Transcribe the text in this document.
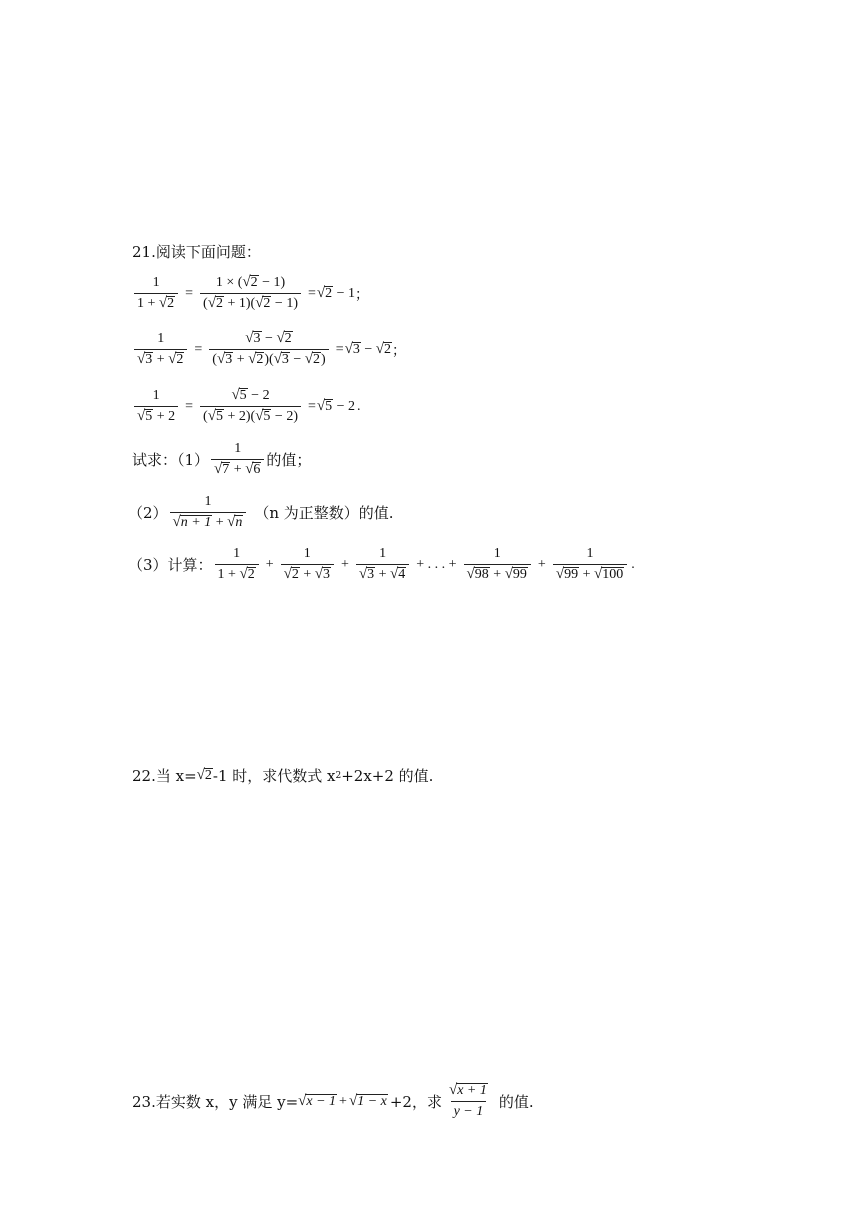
21.阅读下面问题：
$\frac{1}{1 + √ 2} = \frac{1 \times ( √ 2 - 1)}{( √ 2 + 1)( √ 2 - 1)}$ = √ 2 − 1 ；
$\frac{1}{√ 3 + √ 2} = \frac{√ 3 - √ 2}{( √ 3 + √ 2 )( √ 3 - √ 2 )}$ = √ 3 − √ 2 ；
$\frac{1}{√ 5 + 2} = \frac{√ 5 - 2}{( √ 5 + 2)( √ 5 - 2)}$ = √ 5 − 2 .
试求：$(1) \frac{1}{√ 7 + √ 6}$ 的值；
$(2) \frac{1}{√ n + 1 + √ n} (n$ 为正整数）的值.
（3）计算： $\frac{1}{1 + √ 2} + \frac{1}{√ 2 + √ 3} + \frac{1}{√ 3 + √ 4}$ + . . . + $\frac{1}{√ 98 + √ 99} + \frac{1}{√ 99 + √ 100}$ .
22.当 x= √ 2 -1 时，求代数式 x 2 +2x+2 的值.
23.若实数 x，y 满足 y= √ x − 1 + √ 1 − x +2，求 $\frac{√ x + 1}{y - 1}$ 的值.
